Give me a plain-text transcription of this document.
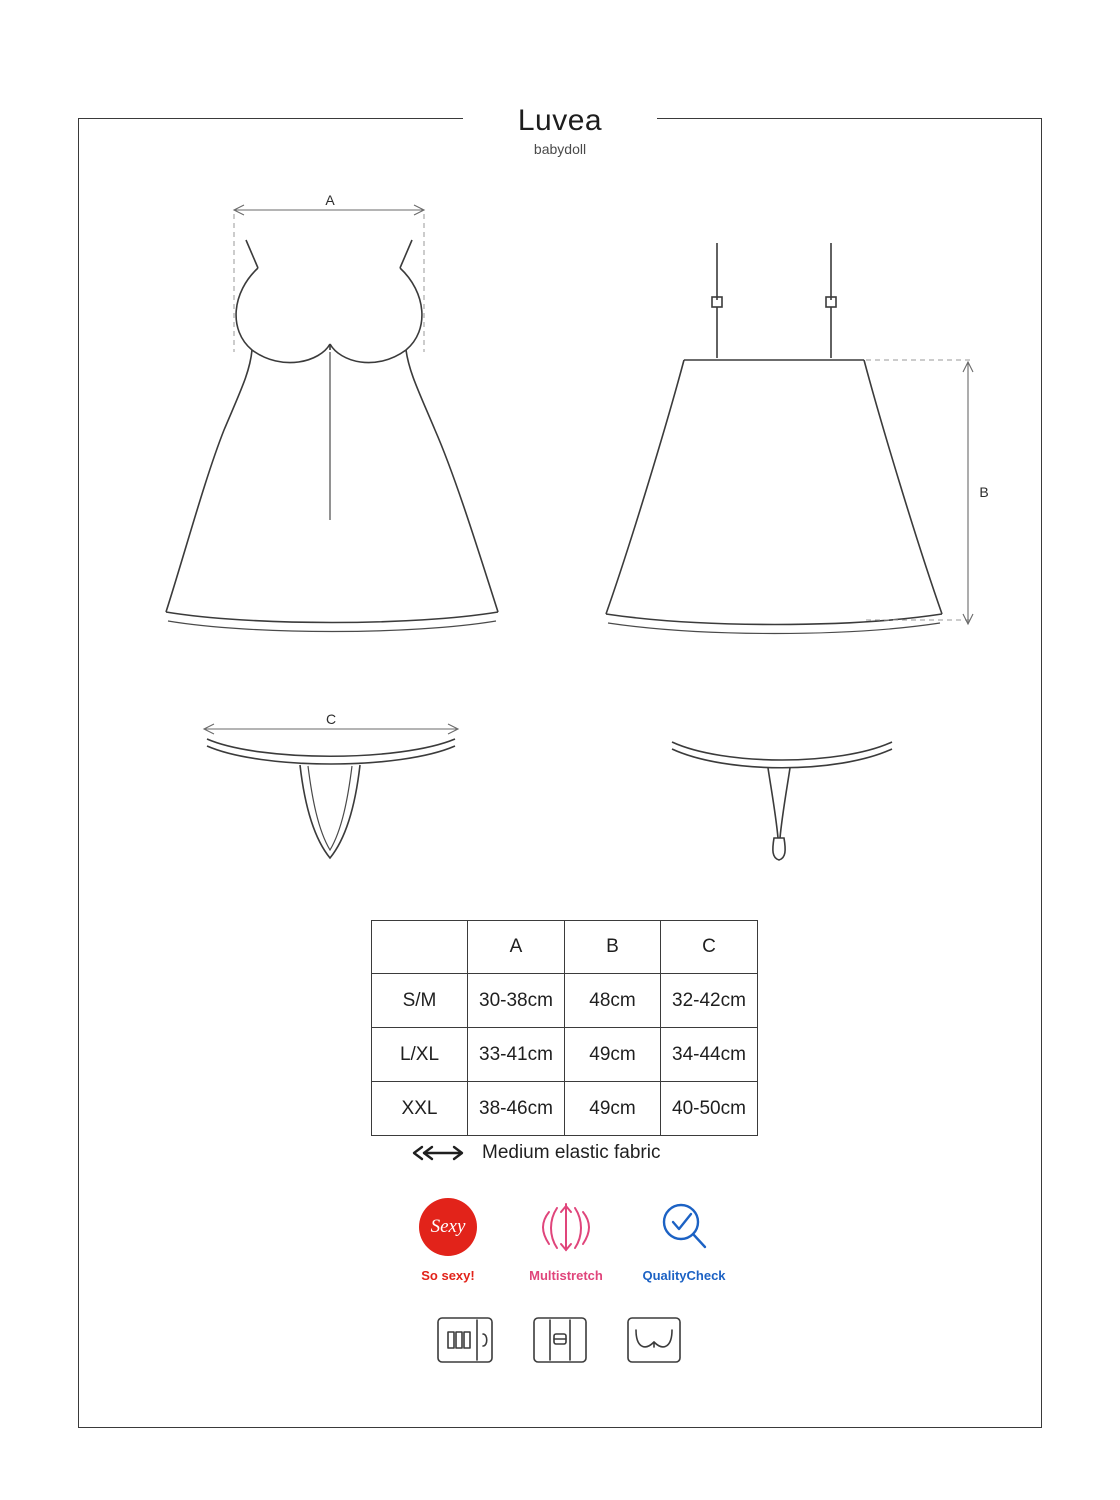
Luvea
babydoll
A
B
C
	A	B	C
S/M	30-38cm	48cm	32-42cm
L/XL	33-41cm	49cm	34-44cm
XXL	38-46cm	49cm	40-50cm
Medium elastic fabric
Sexy
So sexy!	Multistretch	QualityCheck
